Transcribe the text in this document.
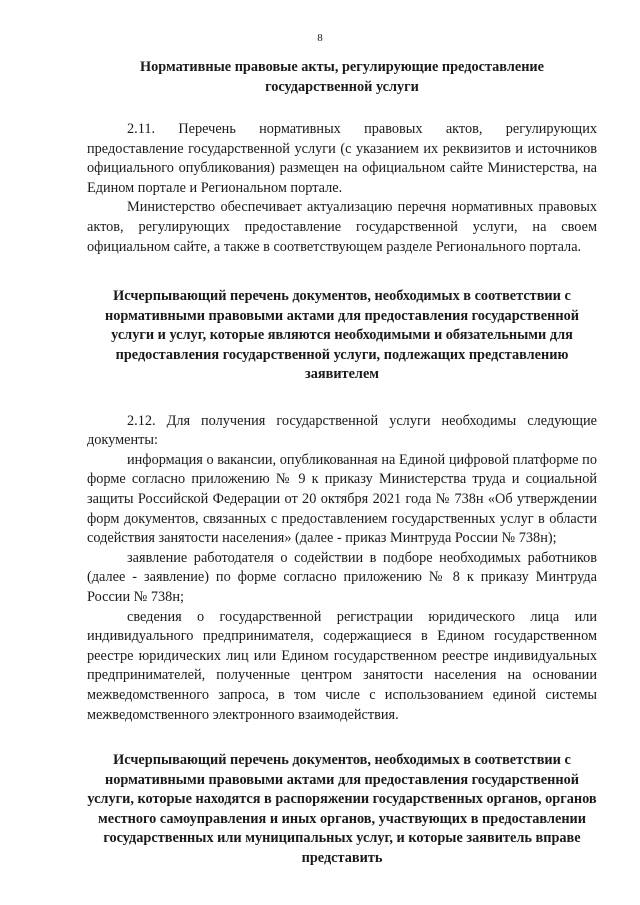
8
Нормативные правовые акты, регулирующие предоставление государственной услуги

2.11. Перечень нормативных правовых актов, регулирующих предоставление государственной услуги (с указанием их реквизитов и источников официального опубликования) размещен на официальном сайте Министерства, на Едином портале и Региональном портале.

Министерство обеспечивает актуализацию перечня нормативных правовых актов, регулирующих предоставление государственной услуги, на своем официальном сайте, а также в соответствующем разделе Регионального портала.

Исчерпывающий перечень документов, необходимых в соответствии с нормативными правовыми актами для предоставления государственной услуги и услуг, которые являются необходимыми и обязательными для предоставления государственной услуги, подлежащих представлению заявителем

2.12. Для получения государственной услуги необходимы следующие документы:

информация о вакансии, опубликованная на Единой цифровой платформе по форме согласно приложению № 9 к приказу Министерства труда и социальной защиты Российской Федерации от 20 октября 2021 года № 738н «Об утверждении форм документов, связанных с предоставлением государственных услуг в области содействия занятости населения» (далее - приказ Минтруда России № 738н);

заявление работодателя о содействии в подборе необходимых работников (далее - заявление) по форме согласно приложению № 8 к приказу Минтруда России № 738н;

сведения о государственной регистрации юридического лица или индивидуального предпринимателя, содержащиеся в Едином государственном реестре юридических лиц или Едином государственном реестре индивидуальных предпринимателей, полученные центром занятости населения на основании межведомственного запроса, в том числе с использованием единой системы межведомственного электронного взаимодействия.

Исчерпывающий перечень документов, необходимых в соответствии с нормативными правовыми актами для предоставления государственной услуги, которые находятся в распоряжении государственных органов, органов местного самоуправления и иных органов, участвующих в предоставлении государственных или муниципальных услуг, и которые заявитель вправе представить
